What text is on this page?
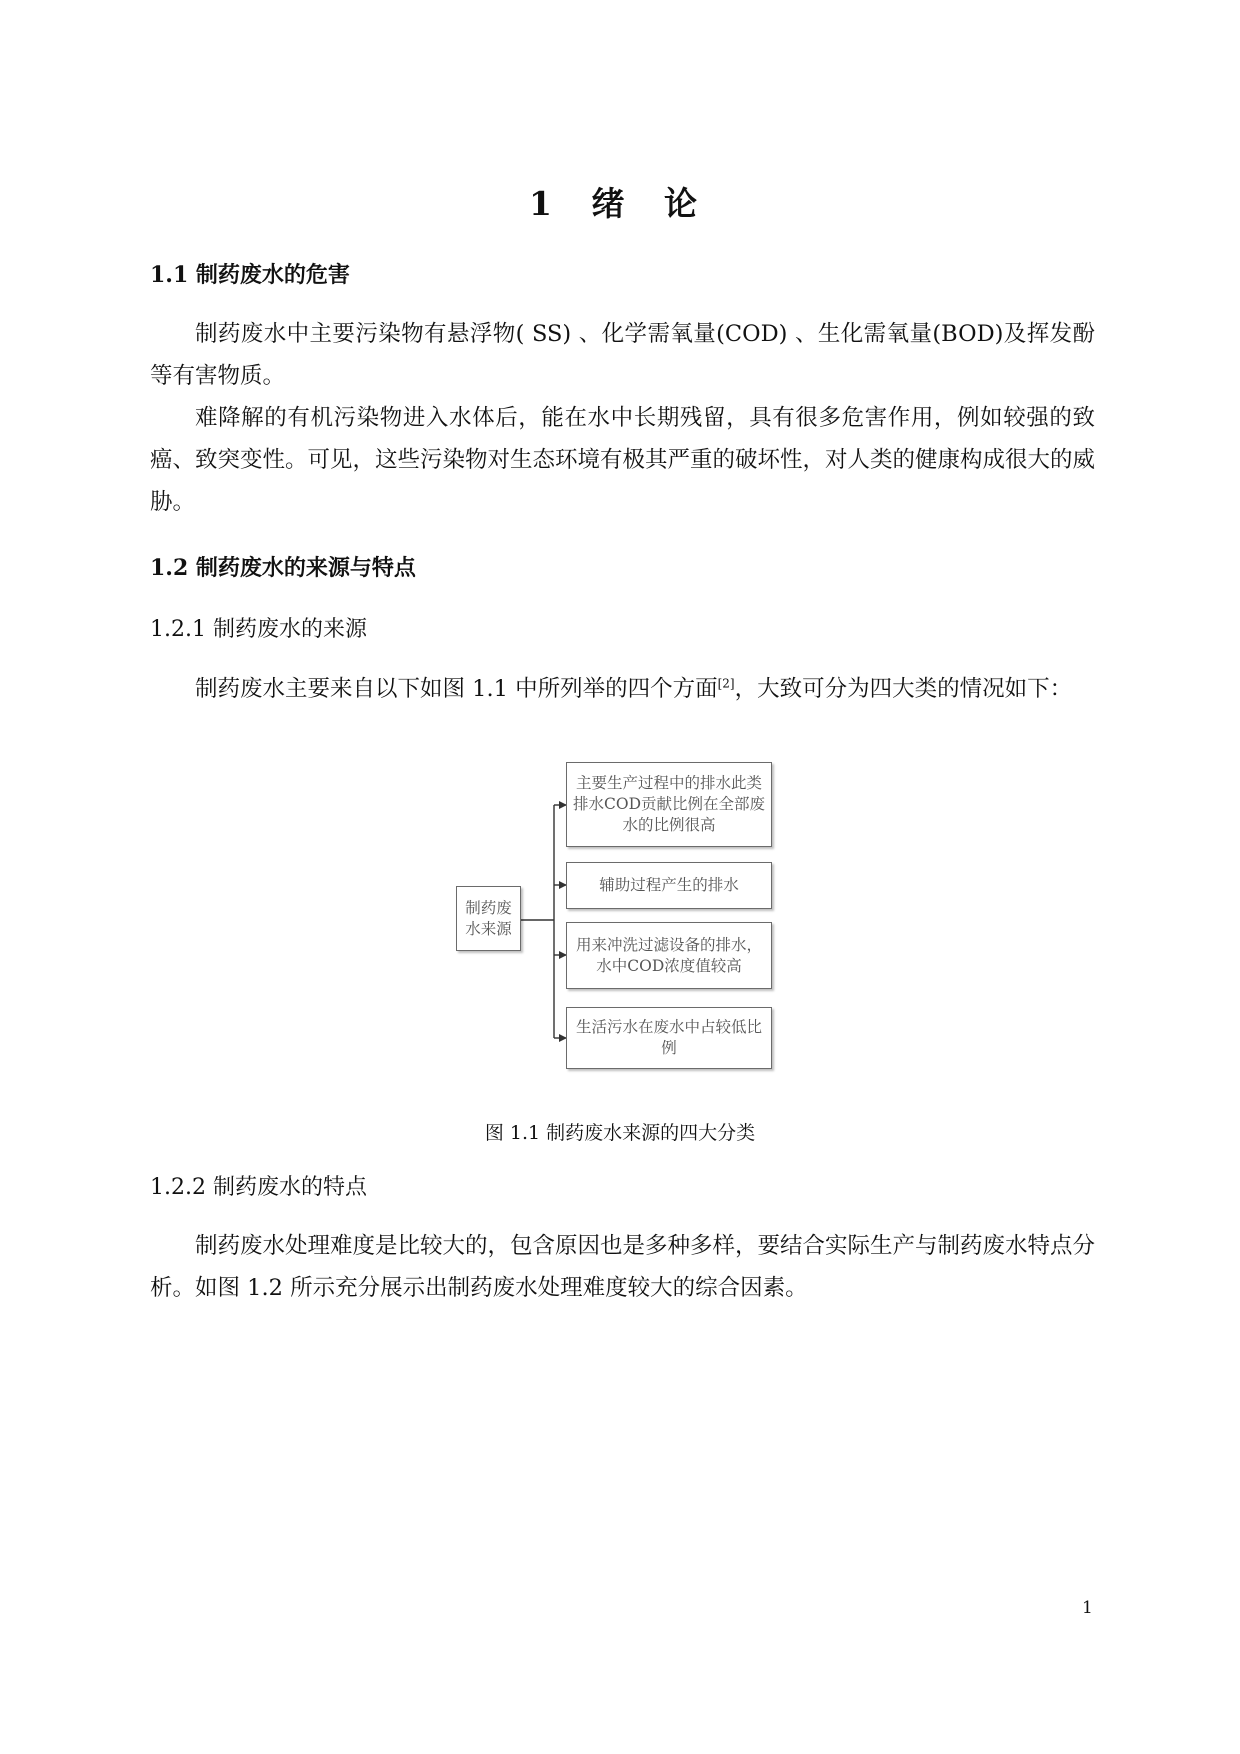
1 绪 论
1.1 制药废水的危害
制药废水中主要污染物有悬浮物( SS) 、化学需氧量(COD) 、生化需氧量(BOD)及挥发酚等有害物质。
难降解的有机污染物进入水体后，能在水中长期残留，具有很多危害作用，例如较强的致癌、致突变性。可见，这些污染物对生态环境有极其严重的破坏性，对人类的健康构成很大的威胁。
1.2 制药废水的来源与特点
1.2.1 制药废水的来源
制药废水主要来自以下如图 1.1 中所列举的四个方面[2]，大致可分为四大类的情况如下：
制药废水来源
主要生产过程中的排水此类排水COD贡献比例在全部废水的比例很高
辅助过程产生的排水
用来冲洗过滤设备的排水，水中COD浓度值较高
生活污水在废水中占较低比例
图 1.1 制药废水来源的四大分类
1.2.2 制药废水的特点
制药废水处理难度是比较大的，包含原因也是多种多样，要结合实际生产与制药废水特点分析。如图 1.2 所示充分展示出制药废水处理难度较大的综合因素。
1
